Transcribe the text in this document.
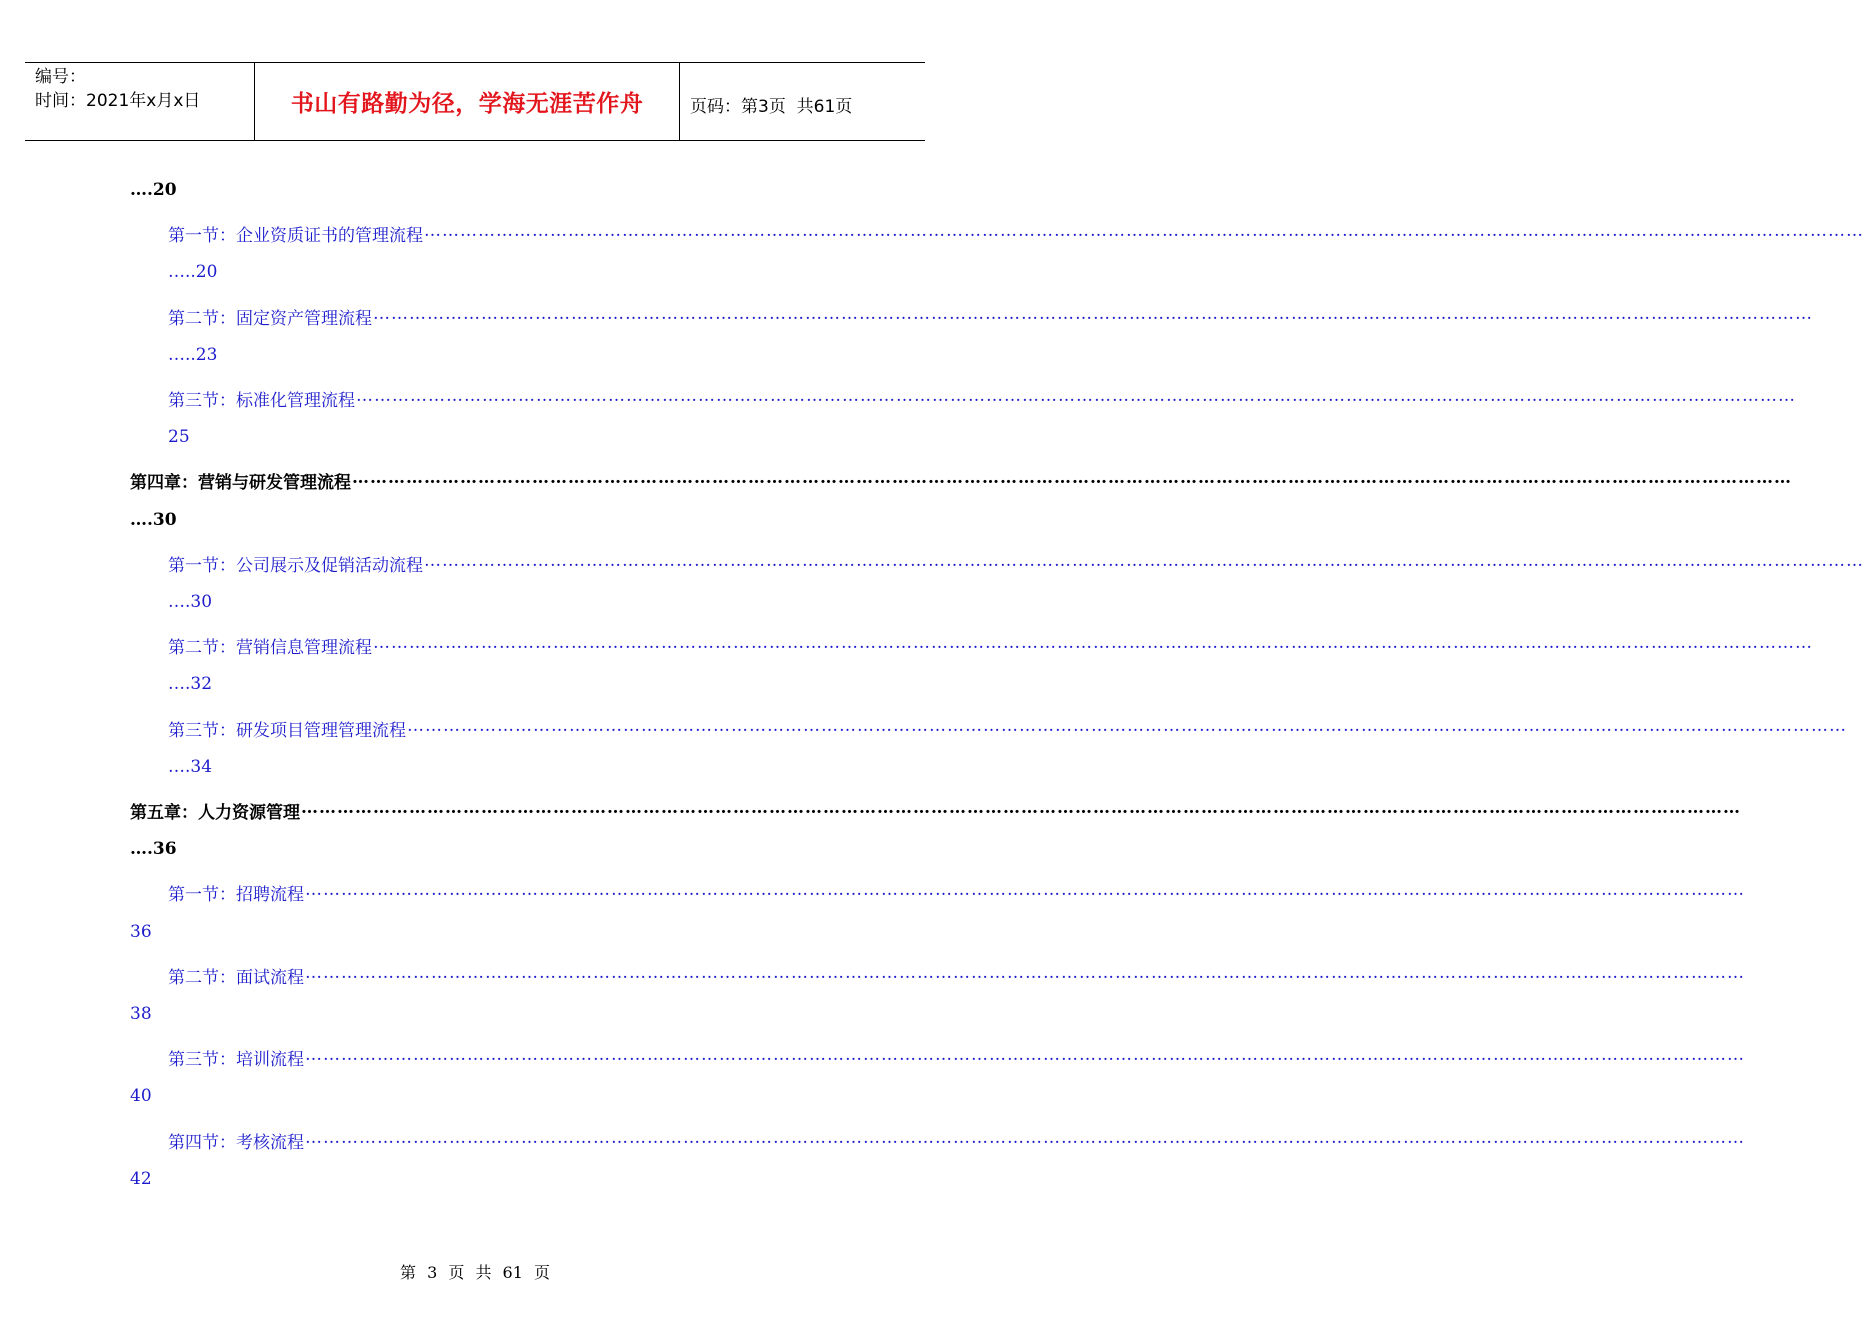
编号：
时间：2021年x月x日	书山有路勤为径，学海无涯苦作舟	页码：第3页  共61页
….20
第一节：企业资质证书的管理流程 ……………………………………………………………………………………………………………………………………………………………………………………………………………………
…..20
第二节：固定资产管理流程 ……………………………………………………………………………………………………………………………………………………………………………………………………………………
…..23
第三节：标准化管理流程 ……………………………………………………………………………………………………………………………………………………………………………………………………………………
25
第四章：营销与研发管理流程 ……………………………………………………………………………………………………………………………………………………………………………………………………………………
….30
第一节：公司展示及促销活动流程 ……………………………………………………………………………………………………………………………………………………………………………………………………………………
….30
第二节：营销信息管理流程 ……………………………………………………………………………………………………………………………………………………………………………………………………………………
….32
第三节：研发项目管理管理流程 ……………………………………………………………………………………………………………………………………………………………………………………………………………………
….34
第五章：人力资源管理 ……………………………………………………………………………………………………………………………………………………………………………………………………………………
….36
第一节：招聘流程 ……………………………………………………………………………………………………………………………………………………………………………………………………………………
36
第二节：面试流程 ……………………………………………………………………………………………………………………………………………………………………………………………………………………
38
第三节：培训流程 ……………………………………………………………………………………………………………………………………………………………………………………………………………………
40
第四节：考核流程 ……………………………………………………………………………………………………………………………………………………………………………………………………………………
42
第 3 页 共 61 页
